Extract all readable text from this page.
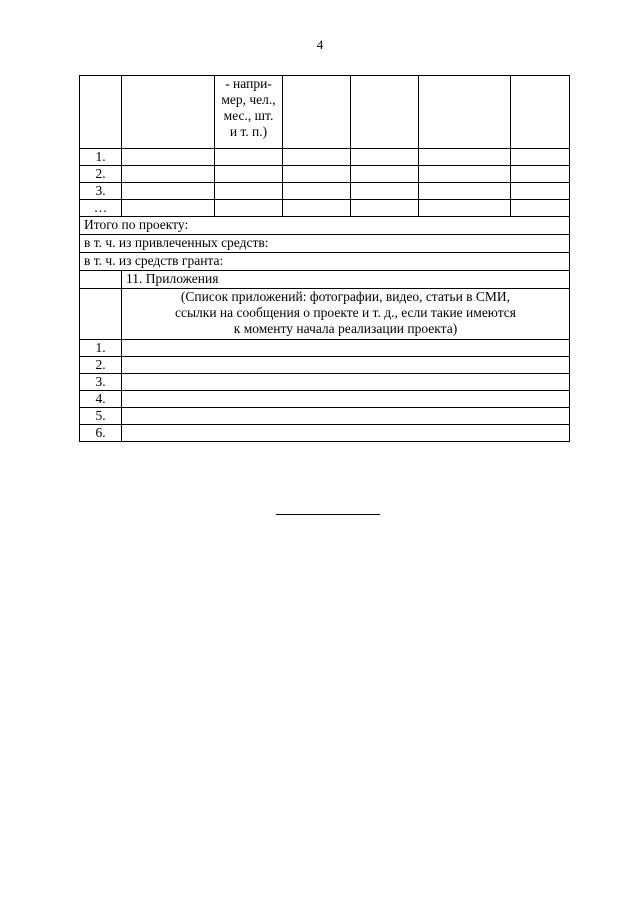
4
		- напри-
мер, чел.,
мес., шт.
и т. п.)				
1.						
2.						
3.						
…						
Итого по проекту:						
в т. ч. из привлеченных средств:						
в т. ч. из средств гранта:						
	11. Приложения					
	(Список приложений: фотографии, видео, статьи в СМИ,
ссылки на сообщения о проекте и т. д., если такие имеются
к моменту начала реализации проекта)					
1.						
2.						
3.						
4.						
5.						
6.						
